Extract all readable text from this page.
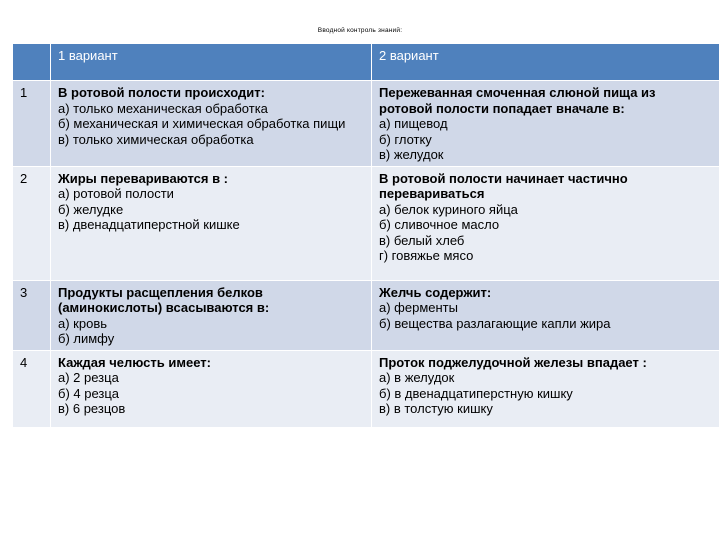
Вводной контроль знаний:
	1 вариант	2 вариант
1	В ротовой полости происходит:
а) только механическая обработка
б) механическая и химическая обработка пищи
в) только химическая обработка	Пережеванная смоченная слюной пища из ротовой полости попадает вначале в:
а) пищевод
б) глотку
в) желудок

2	Жиры перевариваются в :
а) ротовой полости
б) желудке
в) двенадцатиперстной кишке	В ротовой полости начинает частично перевариваться
а) белок куриного яйца
б) сливочное масло
в) белый хлеб
г) говяжье мясо

3	Продукты расщепления белков (аминокислоты) всасываются в:
а) кровь
б) лимфу	Желчь содержит:
а) ферменты
б) вещества разлагающие капли жира

4	Каждая челюсть имеет:
а) 2 резца
б) 4 резца
в) 6 резцов	Проток поджелудочной железы впадает :
а) в желудок
б) в двенадцатиперстную кишку
в) в толстую кишку
